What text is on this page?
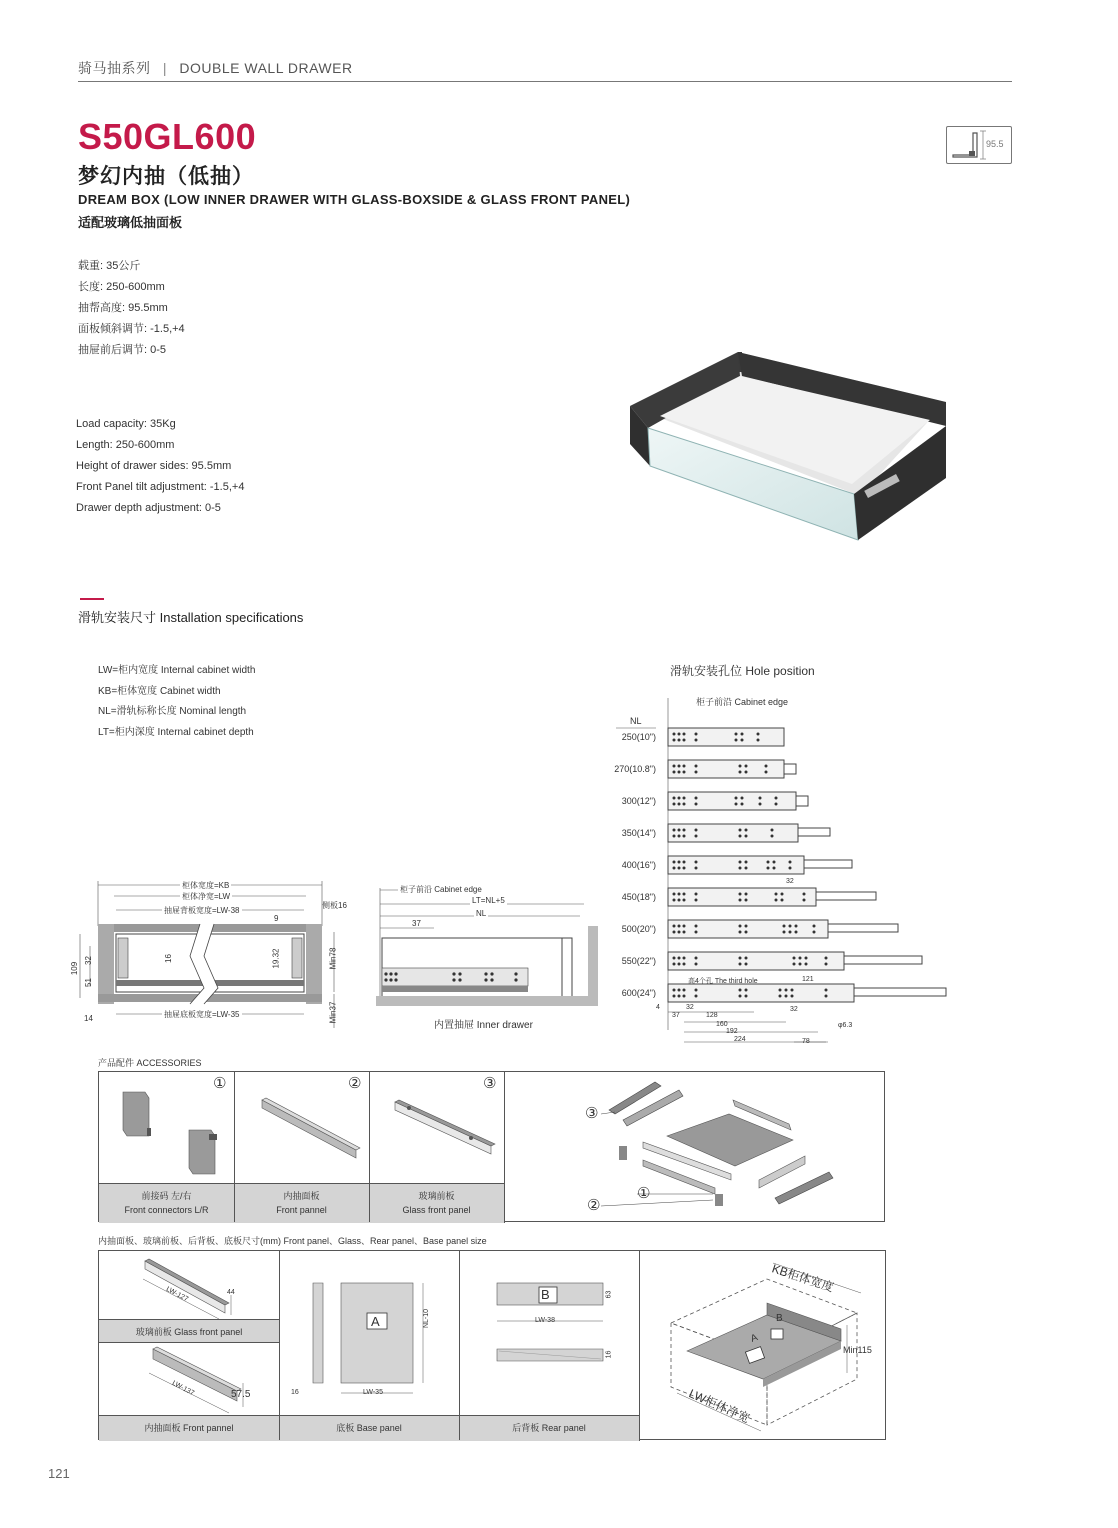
骑马抽系列 | DOUBLE WALL DRAWER
S50GL600
梦幻内抽（低抽）
DREAM BOX (LOW INNER DRAWER WITH GLASS-BOXSIDE & GLASS FRONT PANEL)
适配玻璃低抽面板
95.5
载重: 35公斤
长度: 250-600mm
抽帮高度: 95.5mm
面板倾斜调节: -1.5,+4
抽屉前后调节: 0-5
Load capacity: 35Kg
Length: 250-600mm
Height of drawer sides: 95.5mm
Front Panel tilt adjustment: -1.5,+4
Drawer depth adjustment: 0-5
滑轨安装尺寸 Installation specifications
LW=柜内宽度 Internal cabinet width
KB=柜体宽度 Cabinet width
NL=滑轨标称长度 Nominal length
LT=柜内深度 Internal cabinet depth
柜体宽度=KB
柜体净宽=LW
抽屉背板宽度=LW-38
侧板16
9
16
109
32
51
19.32	Min78
Min37
抽屉底板宽度=LW-35
14
柜子前沿 Cabinet edge
LT=NL+5
NL
37
内置抽屉 Inner drawer
滑轨安装孔位 Hole position
柜子前沿 Cabinet edge
NL
250(10")
270(10.8")
300(12")
350(14")
400(16")
450(18")
500(20")
550(22")
600(24")
32
高4个孔 The third hole	121
4
37
32	32
128
160
192
224	78
φ6.3
产品配件 ACCESSORIES
①	②	③
③
①
②
前接码 左/右
Front connectors L/R
内抽面板
Front pannel
玻璃前板
Glass front panel
内抽面板、玻璃前板、后背板、底板尺寸(mm) Front panel、Glass、Rear panel、Base panel size
LW-127	44
玻璃前板 Glass front panel
LW-137	57.5
内抽面板 Front pannel
A
LW-35
NL-10
16
底板 Base panel
B
LW-38
63
16
后背板 Rear panel
KB柜体宽度
LW柜体净宽
A
B
Min115
121
